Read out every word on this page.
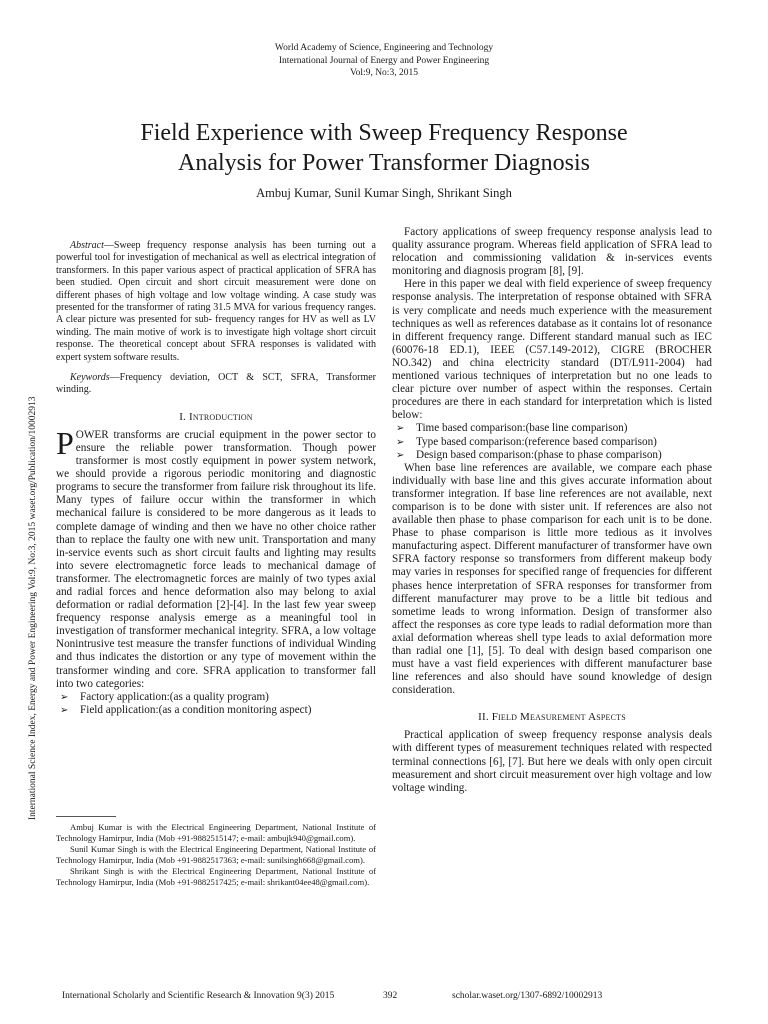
World Academy of Science, Engineering and Technology
International Journal of Energy and Power Engineering
Vol:9, No:3, 2015
Field Experience with Sweep Frequency Response
Analysis for Power Transformer Diagnosis
Ambuj Kumar, Sunil Kumar Singh, Shrikant Singh
International Science Index, Energy and Power Engineering Vol:9, No:3, 2015 waset.org/Publication/10002913

Abstract—Sweep frequency response analysis has been turning out a powerful tool for investigation of mechanical as well as electrical integration of transformers. In this paper various aspect of practical application of SFRA has been studied. Open circuit and short circuit measurement were done on different phases of high voltage and low voltage winding. A case study was presented for the transformer of rating 31.5 MVA for various frequency ranges. A clear picture was presented for sub- frequency ranges for HV as well as LV winding. The main motive of work is to investigate high voltage short circuit response. The theoretical concept about SFRA responses is validated with expert system software results.

Keywords—Frequency deviation, OCT & SCT, SFRA, Transformer winding.

I. Introduction

POWER transforms are crucial equipment in the power sector to ensure the reliable power transformation. Though power transformer is most costly equipment in power system network, we should provide a rigorous periodic monitoring and diagnostic programs to secure the transformer from failure risk throughout its life. Many types of failure occur within the transformer in which mechanical failure is considered to be more dangerous as it leads to complete damage of winding and then we have no other choice rather than to replace the faulty one with new unit. Transportation and many in-service events such as short circuit faults and lighting may results into severe electromagnetic force leads to mechanical damage of transformer. The electromagnetic forces are mainly of two types axial and radial forces and hence deformation also may belong to axial deformation or radial deformation [2]-[4]. In the last few year sweep frequency response analysis emerge as a meaningful tool in investigation of transformer mechanical integrity. SFRA, a low voltage Nonintrusive test measure the transfer functions of individual Winding and thus indicates the distortion or any type of movement within the transformer winding and core. SFRA application to transformer fall into two categories:

➢ Factory application:(as a quality program)
➢ Field application:(as a condition monitoring aspect)

Ambuj Kumar is with the Electrical Engineering Department, National Institute of Technology Hamirpur, India (Mob +91-9882515147; e-mail: ambujk940@gmail.com).

Sunil Kumar Singh is with the Electrical Engineering Department, National Institute of Technology Hamirpur, India (Mob +91-9882517363; e-mail: sunilsingh668@gmail.com).

Shrikant Singh is with the Electrical Engineering Department, National Institute of Technology Hamirpur, India (Mob +91-9882517425; e-mail: shrikant04ee48@gmail.com).

Factory applications of sweep frequency response analysis lead to quality assurance program. Whereas field application of SFRA lead to relocation and commissioning validation & in-services events monitoring and diagnosis program [8], [9].

Here in this paper we deal with field experience of sweep frequency response analysis. The interpretation of response obtained with SFRA is very complicate and needs much experience with the measurement techniques as well as references database as it contains lot of resonance in different frequency range. Different standard manual such as IEC (60076-18 ED.1), IEEE (C57.149-2012), CIGRE (BROCHER NO.342) and china electricity standard (DT/L911-2004) had mentioned various techniques of interpretation but no one leads to clear picture over number of aspect within the responses. Certain procedures are there in each standard for interpretation which is listed below:

➢ Time based comparison:(base line comparison)
➢ Type based comparison:(reference based comparison)
➢ Design based comparison:(phase to phase comparison)

When base line references are available, we compare each phase individually with base line and this gives accurate information about transformer integration. If base line references are not available, next comparison is to be done with sister unit. If references are also not available then phase to phase comparison for each unit is to be done. Phase to phase comparison is little more tedious as it involves manufacturing aspect. Different manufacturer of transformer have own SFRA factory response so transformers from different makeup body may varies in responses for specified range of frequencies for different phases hence interpretation of SFRA responses for transformer from different manufacturer may prove to be a little bit tedious and sometime leads to wrong information. Design of transformer also affect the responses as core type leads to radial deformation more than axial deformation whereas shell type leads to axial deformation more than radial one [1], [5]. To deal with design based comparison one must have a vast field experiences with different manufacturer base line references and also should have sound knowledge of design consideration.

II. Field Measurement Aspects

Practical application of sweep frequency response analysis deals with different types of measurement techniques related with respected terminal connections [6], [7]. But here we deals with only open circuit measurement and short circuit measurement over high voltage and low voltage winding.

International Scholarly and Scientific Research & Innovation 9(3) 2015	392	scholar.waset.org/1307-6892/10002913
